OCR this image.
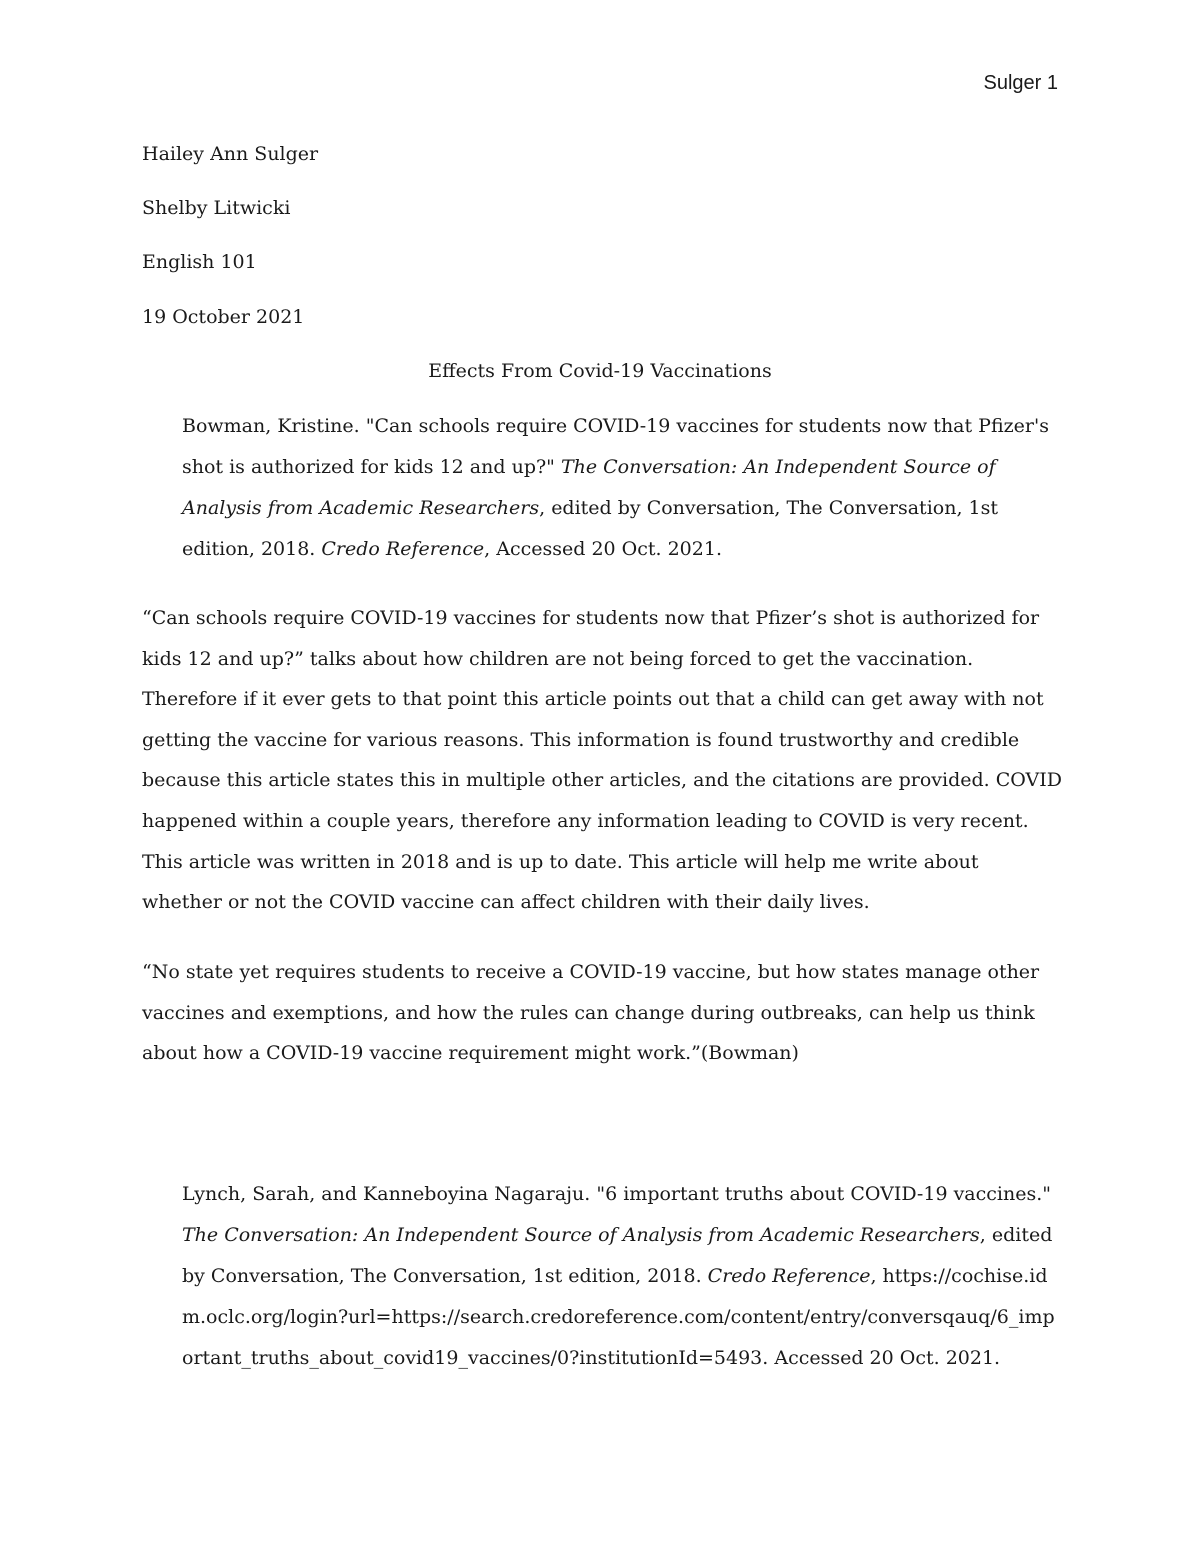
Sulger 1
Hailey Ann Sulger
Shelby Litwicki
English 101
19 October 2021
Effects From Covid-19 Vaccinations
Bowman, Kristine. "Can schools require COVID-19 vaccines for students now that Pfizer's shot is authorized for kids 12 and up?" The Conversation: An Independent Source of Analysis from Academic Researchers, edited by Conversation, The Conversation, 1st edition, 2018. Credo Reference, Accessed 20 Oct. 2021.
“Can schools require COVID-19 vaccines for students now that Pfizer’s shot is authorized for kids 12 and up?” talks about how children are not being forced to get the vaccination. Therefore if it ever gets to that point this article points out that a child can get away with not getting the vaccine for various reasons. This information is found trustworthy and credible because this article states this in multiple other articles, and the citations are provided. COVID happened within a couple years, therefore any information leading to COVID is very recent. This article was written in 2018 and is up to date. This article will help me write about whether or not the COVID vaccine can affect children with their daily lives.
“No state yet requires students to receive a COVID-19 vaccine, but how states manage other vaccines and exemptions, and how the rules can change during outbreaks, can help us think about how a COVID-19 vaccine requirement might work.”(Bowman)
Lynch, Sarah, and Kanneboyina Nagaraju. "6 important truths about COVID-19 vaccines." The Conversation: An Independent Source of Analysis from Academic Researchers, edited by Conversation, The Conversation, 1st edition, 2018. Credo Reference, https://cochise.idm.oclc.org/login?url=https://search.credoreference.com/content/entry/conversqauq/6_important_truths_about_covid19_vaccines/0?institutionId=5493. Accessed 20 Oct. 2021.
